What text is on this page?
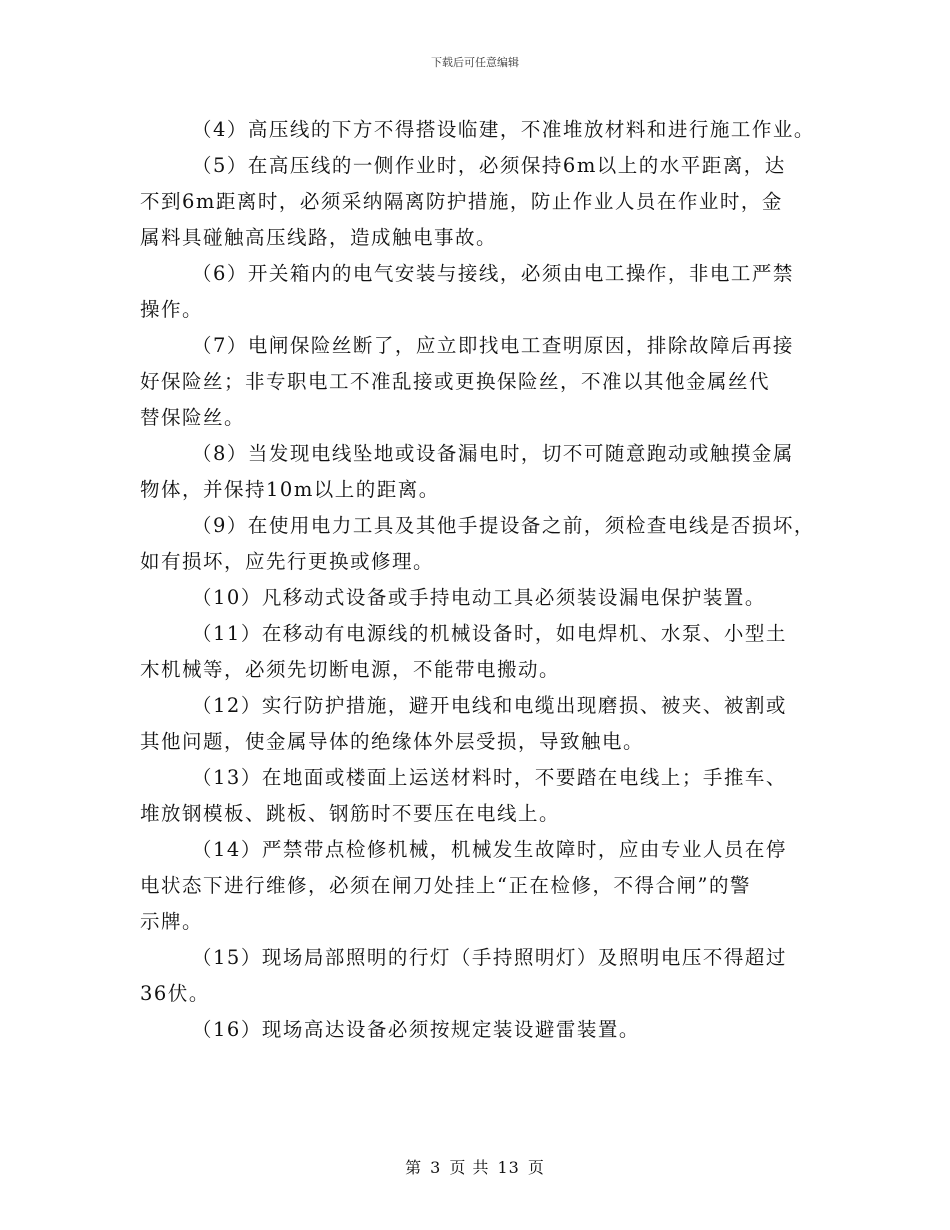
下载后可任意编辑
（4）高压线的下方不得搭设临建，不准堆放材料和进行施工作业。
（5）在高压线的一侧作业时，必须保持6m以上的水平距离，达
不到6m距离时，必须采纳隔离防护措施，防止作业人员在作业时，金
属料具碰触高压线路，造成触电事故。
（6）开关箱内的电气安装与接线，必须由电工操作，非电工严禁
操作。
（7）电闸保险丝断了，应立即找电工查明原因，排除故障后再接
好保险丝；非专职电工不准乱接或更换保险丝，不准以其他金属丝代
替保险丝。
（8）当发现电线坠地或设备漏电时，切不可随意跑动或触摸金属
物体，并保持10m以上的距离。
（9）在使用电力工具及其他手提设备之前，须检查电线是否损坏，
如有损坏，应先行更换或修理。
（10）凡移动式设备或手持电动工具必须装设漏电保护装置。
（11）在移动有电源线的机械设备时，如电焊机、水泵、小型土
木机械等，必须先切断电源，不能带电搬动。
（12）实行防护措施，避开电线和电缆出现磨损、被夹、被割或
其他问题，使金属导体的绝缘体外层受损，导致触电。
（13）在地面或楼面上运送材料时，不要踏在电线上；手推车、
堆放钢模板、跳板、钢筋时不要压在电线上。
（14）严禁带点检修机械，机械发生故障时，应由专业人员在停
电状态下进行维修，必须在闸刀处挂上“正在检修，不得合闸”的警
示牌。
（15）现场局部照明的行灯（手持照明灯）及照明电压不得超过
36伏。
（16）现场高达设备必须按规定装设避雷装置。
第 3 页 共 13 页
